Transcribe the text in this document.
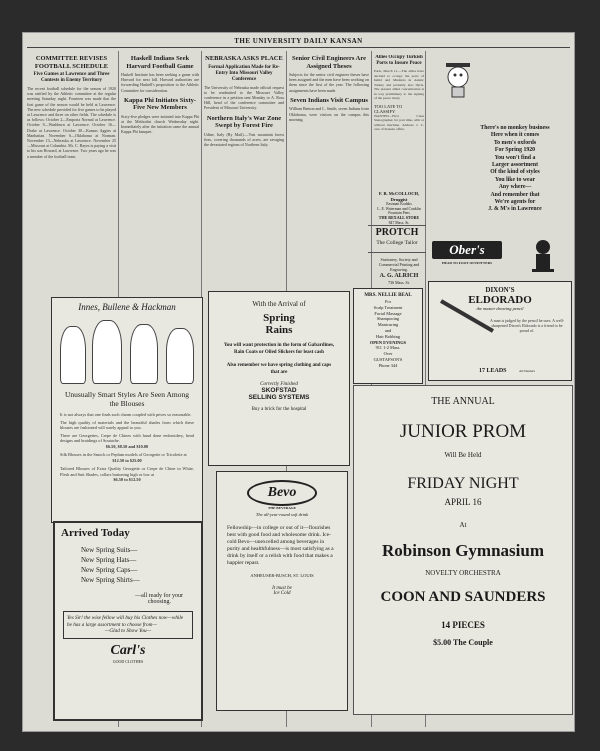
THE UNIVERSITY DAILY KANSAN
COMMITTEE REVISES FOOTBALL SCHEDULE
Five Games at Lawrence and Three Contests in Enemy Territory

The recent football schedule for the season of 1920 was ratified by the Athletic committee at the regular meeting Saturday night. Fourteen was made that the first game of the season would be held at Lawrence. The new schedule provided for five games to be played at Lawrence and three on other fields. The schedule is as follows: October 2—Emporia Normal at Lawrence. October 9—Washburn at Lawrence. October 16—Drake at Lawrence. October 30—Kansas Aggies at Manhattan. November 6—Oklahoma at Norman. November 13—Nebraska at Lawrence. November 25—Missouri at Columbia. Mr. C. Bayes is paying a visit to his son Howard, at Lawrence. Two years ago he was a member of the football team.

Haskell Indians Seek Harvard Football Game

Haskell Institute has been seeking a game with Harvard for next fall. Harvard authorities are forwarding Haskell's proposition to the Athletic Committee for consideration.

Kappa Phi Initiates Sixty-Five New Members

Sixty-five pledges were initiated into Kappa Phi at the Methodist church Wednesday night. Immediately after the initiation came the annual Kappa Phi banquet.

NEBRASKA ASKS PLACE
Formal Application Made for Re-Entry Into Missouri Valley Conference

The University of Nebraska made official request to be readmitted to the Missouri Valley conference in a petition sent Monday to A. Ross Hill, head of the conference committee and President of Missouri University.

Northern Italy's War Zone Swept by Forest Fire

Udine, Italy (By Mail).—Vast mountain forest fires, covering thousands of acres, are ravaging the devastated regions of Northern Italy.

Senior Civil Engineers Are Assigned Theses

Subjects for the senior civil engineer theses have been assigned and the men have been working on them since the first of the year. The following assignments have been made.

Seven Indians Visit Campus

William Benton and L. Smith, seven Indians from Oklahoma, were visitors on the campus this morning.

Allies Occupy Turkish Ports to Insure Peace

Paris, March 11.—The allies have decided to occupy the ports of Ismid and Mudania in Asiatic Turkey and probably also Ilyria. The present allied concentration is in way preliminary to the signing of the peace treaty.

TOO LATE TO CLASSIFY

WANTED—First Class Stenographer, for part time, with or without machine. Address J. C. care of Kansan office.	There's no monkey business
Here when it comes
To men's oxfords
For Spring 1920
You won't find a
Larger assortment
Of the kind of styles
You like to wear
Any where—
And remember that
We're agents for
J. & M's in Lawrence
F. B. McCOLLOCH, Druggist
Eastman Kodaks
L. E. Waterman and Conklin Fountain Pens
THE REXALL STORE
847 Mass. St.
PROTCH
The College Tailor
Stationery, Society and Commercial Printing and Engraving.
A. G. ALRICH
736 Mass. St.
Ober's
HEAD TO FOOT OUTFITTERS
MRS. NELLIE BEAL
For
Scalp Treatment
Facial Massage
Shampooing
Manicuring
and
Hair Bobbing
OPEN EVENINGS
911 1-2 Mass.
Over
GUSTAFSON'S
Phone 344
DIXON'S
ELDORADO
the master drawing pencil

A man is judged by the pencil he uses. A well-sharpened Dixon's Eldorado is a friend to be proud of.

17 LEADS	All Dealers
Innes, Bullene & Hackman
Unusually Smart Styles Are Seen Among the Blouses

It is not always that one finds such charm coupled with prices so reasonable.

The high quality of materials and the beautiful shades from which these blouses are fashioned will surely appeal to you.

There are Georgettes, Crepe de Chines with hand done embroidery, bead designs and braidings of Soutache.

$6.50, $8.50 and $10.00

Silk Blouses in the Smock or Peplum models of Georgette or Tricolette at

$12.50 to $25.00

Tailored Blouses of Extra Quality Georgette or Crepe de Chine in White, Flesh and Suit Shades, collars buttoning high or low at

$6.50 to $12.50

With the Arrival of
Spring
Rains

You will want protection in the form of Gabardines, Rain Coats or Oiled Slickers for least cash

Also remember we have spring clothing and caps that are

Correctly Finished
SKOFSTAD
SELLING SYSTEMS
Buy a brick for the hospital
Bevo
THE BEVERAGE
The all-year-round soft drink

Fellowship—in college or out of it—flourishes best with good food and wholesome drink. Ice-cold Bevo—unexcelled among beverages in purity and healthfulness—is most satisfying as a drink by itself or a relish with food that makes a happier repast.

ANHEUSER-BUSCH, ST. LOUIS
It must be
Ice Cold
Arrived Today
New Spring Suits—
New Spring Hats—
New Spring Caps—
New Spring Shirts—
—all ready for your
choosing.
Yes Sir! the wise fellow will buy his Clothes now—while he has a large assortment to choose from—
—Glad to Show You—
Carl's
GOOD CLOTHES
THE ANNUAL
JUNIOR PROM
Will Be Held
FRIDAY NIGHT
APRIL 16
At
Robinson Gymnasium
NOVELTY ORCHESTRA
COON AND SAUNDERS
14 PIECES
$5.00 The Couple
